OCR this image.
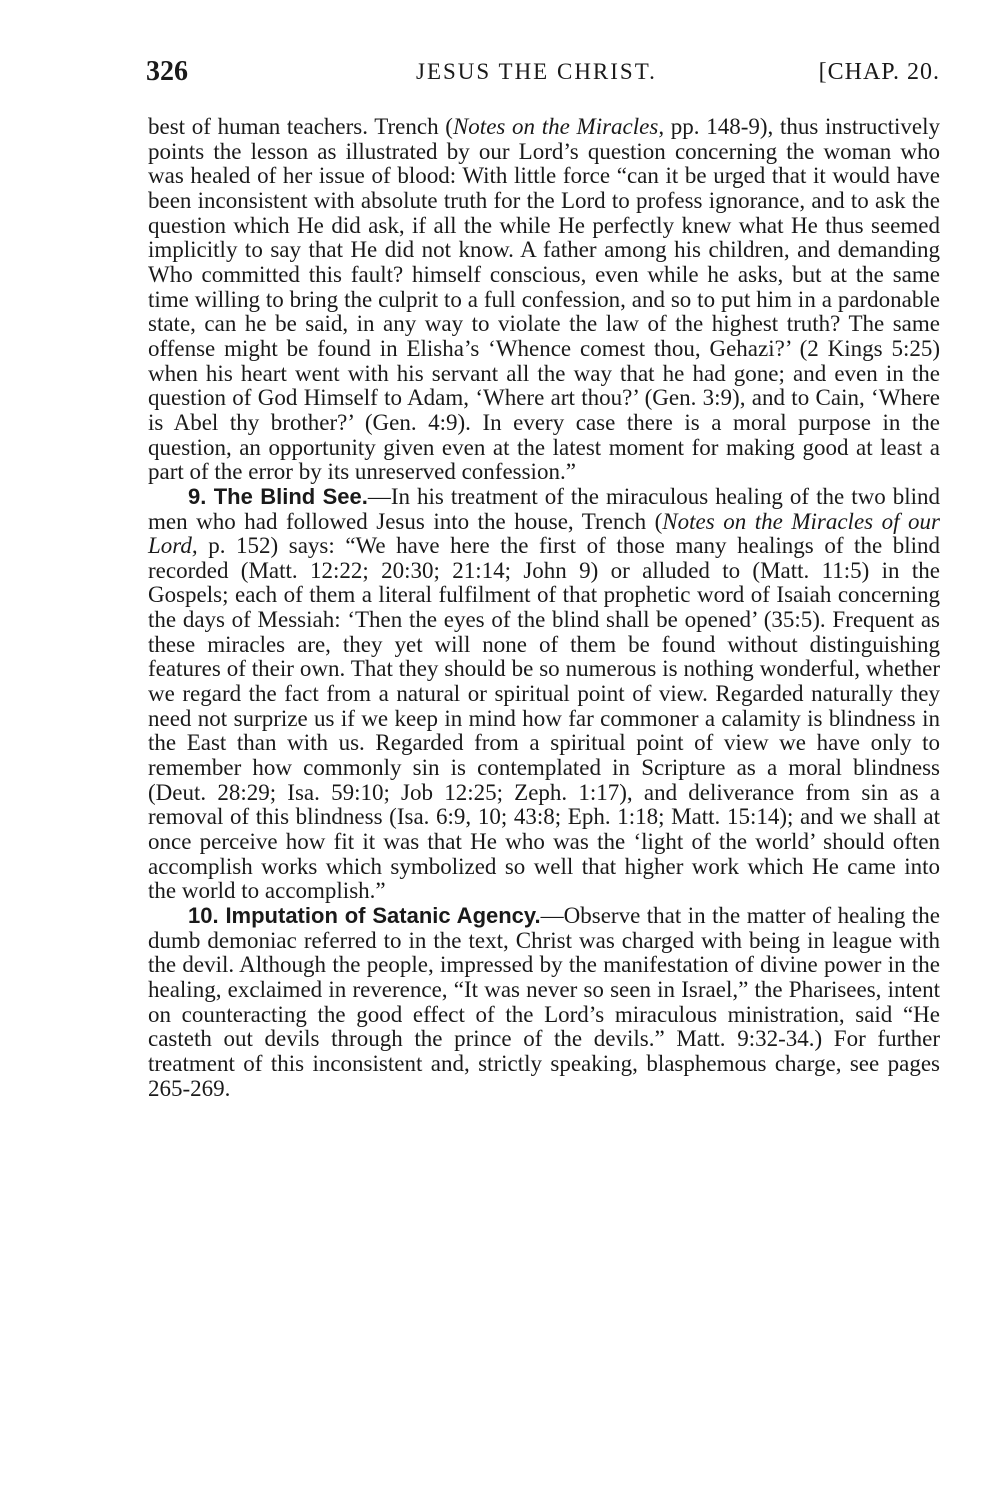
326	JESUS THE CHRIST.	[CHAP. 20.

best of human teachers. Trench (Notes on the Miracles, pp. 148-9), thus instructively points the lesson as illustrated by our Lord’s question concerning the woman who was healed of her issue of blood: With little force “can it be urged that it would have been inconsistent with absolute truth for the Lord to profess ignorance, and to ask the question which He did ask, if all the while He perfectly knew what He thus seemed implicitly to say that He did not know. A father among his children, and demanding Who committed this fault? himself conscious, even while he asks, but at the same time willing to bring the culprit to a full confession, and so to put him in a pardonable state, can he be said, in any way to violate the law of the highest truth? The same offense might be found in Elisha’s ‘Whence comest thou, Gehazi?’ (2 Kings 5:25) when his heart went with his servant all the way that he had gone; and even in the question of God Himself to Adam, ‘Where art thou?’ (Gen. 3:9), and to Cain, ‘Where is Abel thy brother?’ (Gen. 4:9). In every case there is a moral purpose in the question, an opportunity given even at the latest moment for making good at least a part of the error by its unreserved confession.”

9. The Blind See.—In his treatment of the miraculous healing of the two blind men who had followed Jesus into the house, Trench (Notes on the Miracles of our Lord, p. 152) says: “We have here the first of those many healings of the blind recorded (Matt. 12:22; 20:30; 21:14; John 9) or alluded to (Matt. 11:5) in the Gospels; each of them a literal fulfilment of that prophetic word of Isaiah concerning the days of Messiah: ‘Then the eyes of the blind shall be opened’ (35:5). Frequent as these miracles are, they yet will none of them be found without distinguishing features of their own. That they should be so numerous is nothing wonderful, whether we regard the fact from a natural or spiritual point of view. Regarded naturally they need not surprize us if we keep in mind how far commoner a calamity is blindness in the East than with us. Regarded from a spiritual point of view we have only to remember how commonly sin is contemplated in Scripture as a moral blindness (Deut. 28:29; Isa. 59:10; Job 12:25; Zeph. 1:17), and deliverance from sin as a removal of this blindness (Isa. 6:9, 10; 43:8; Eph. 1:18; Matt. 15:14); and we shall at once perceive how fit it was that He who was the ‘light of the world’ should often accomplish works which symbolized so well that higher work which He came into the world to accomplish.”

10. Imputation of Satanic Agency.—Observe that in the matter of healing the dumb demoniac referred to in the text, Christ was charged with being in league with the devil. Although the people, impressed by the manifestation of divine power in the healing, exclaimed in reverence, “It was never so seen in Israel,” the Pharisees, intent on counteracting the good effect of the Lord’s miraculous ministration, said “He casteth out devils through the prince of the devils.” Matt. 9:32-34.) For further treatment of this inconsistent and, strictly speaking, blasphemous charge, see pages 265-269.
